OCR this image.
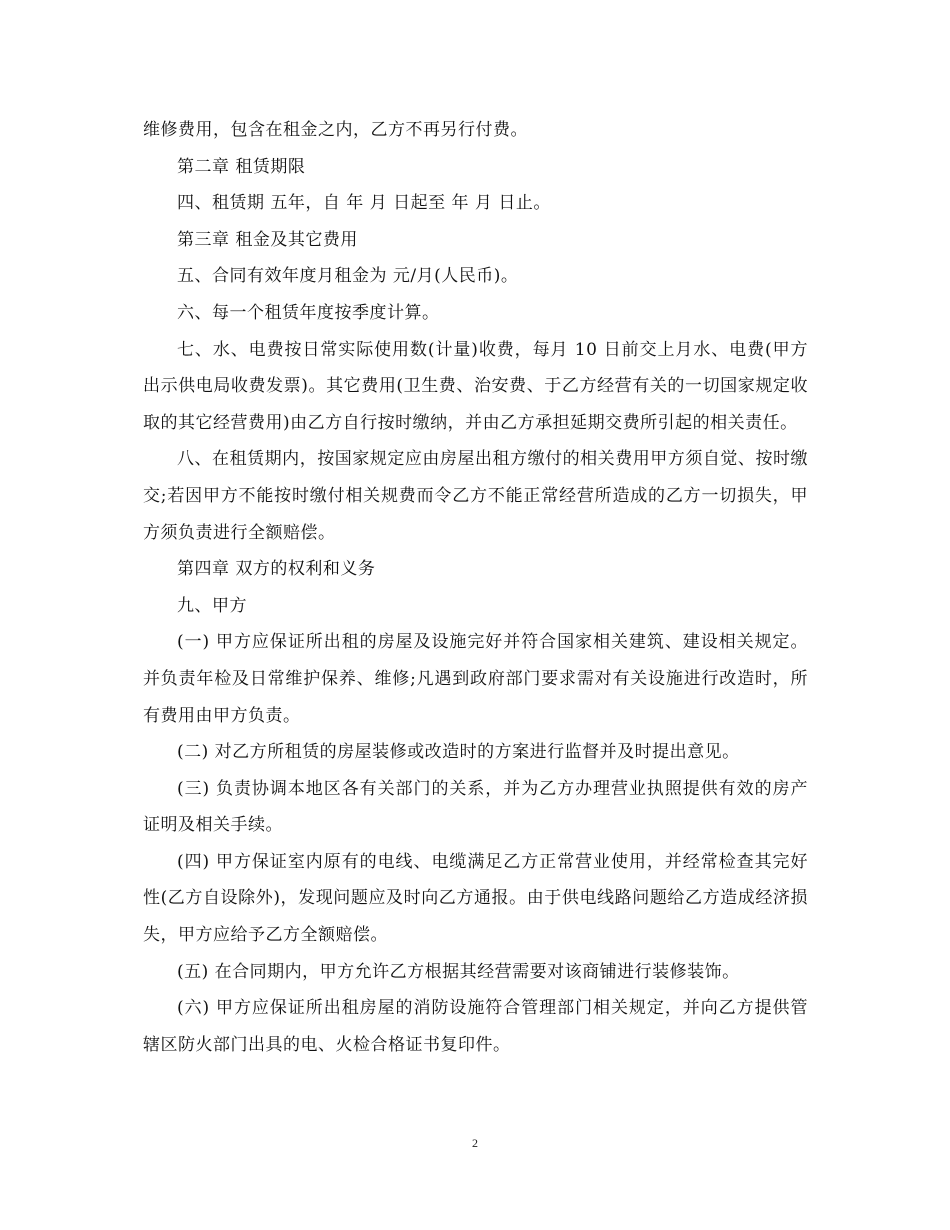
维修费用，包含在租金之内，乙方不再另行付费。

第二章 租赁期限

四、租赁期 五年，自 年 月 日起至 年 月 日止。

第三章 租金及其它费用

五、合同有效年度月租金为 元/月(人民币)。

六、每一个租赁年度按季度计算。

七、水、电费按日常实际使用数(计量)收费，每月 10 日前交上月水、电费(甲方出示供电局收费发票)。其它费用(卫生费、治安费、于乙方经营有关的一切国家规定收取的其它经营费用)由乙方自行按时缴纳，并由乙方承担延期交费所引起的相关责任。

八、在租赁期内，按国家规定应由房屋出租方缴付的相关费用甲方须自觉、按时缴交;若因甲方不能按时缴付相关规费而令乙方不能正常经营所造成的乙方一切损失，甲方须负责进行全额赔偿。

第四章 双方的权利和义务

九、甲方

(一) 甲方应保证所出租的房屋及设施完好并符合国家相关建筑、建设相关规定。并负责年检及日常维护保养、维修;凡遇到政府部门要求需对有关设施进行改造时，所有费用由甲方负责。

(二) 对乙方所租赁的房屋装修或改造时的方案进行监督并及时提出意见。

(三) 负责协调本地区各有关部门的关系，并为乙方办理营业执照提供有效的房产证明及相关手续。

(四) 甲方保证室内原有的电线、电缆满足乙方正常营业使用，并经常检查其完好性(乙方自设除外)，发现问题应及时向乙方通报。由于供电线路问题给乙方造成经济损失，甲方应给予乙方全额赔偿。

(五) 在合同期内，甲方允许乙方根据其经营需要对该商铺进行装修装饰。

(六) 甲方应保证所出租房屋的消防设施符合管理部门相关规定，并向乙方提供管辖区防火部门出具的电、火检合格证书复印件。

2
